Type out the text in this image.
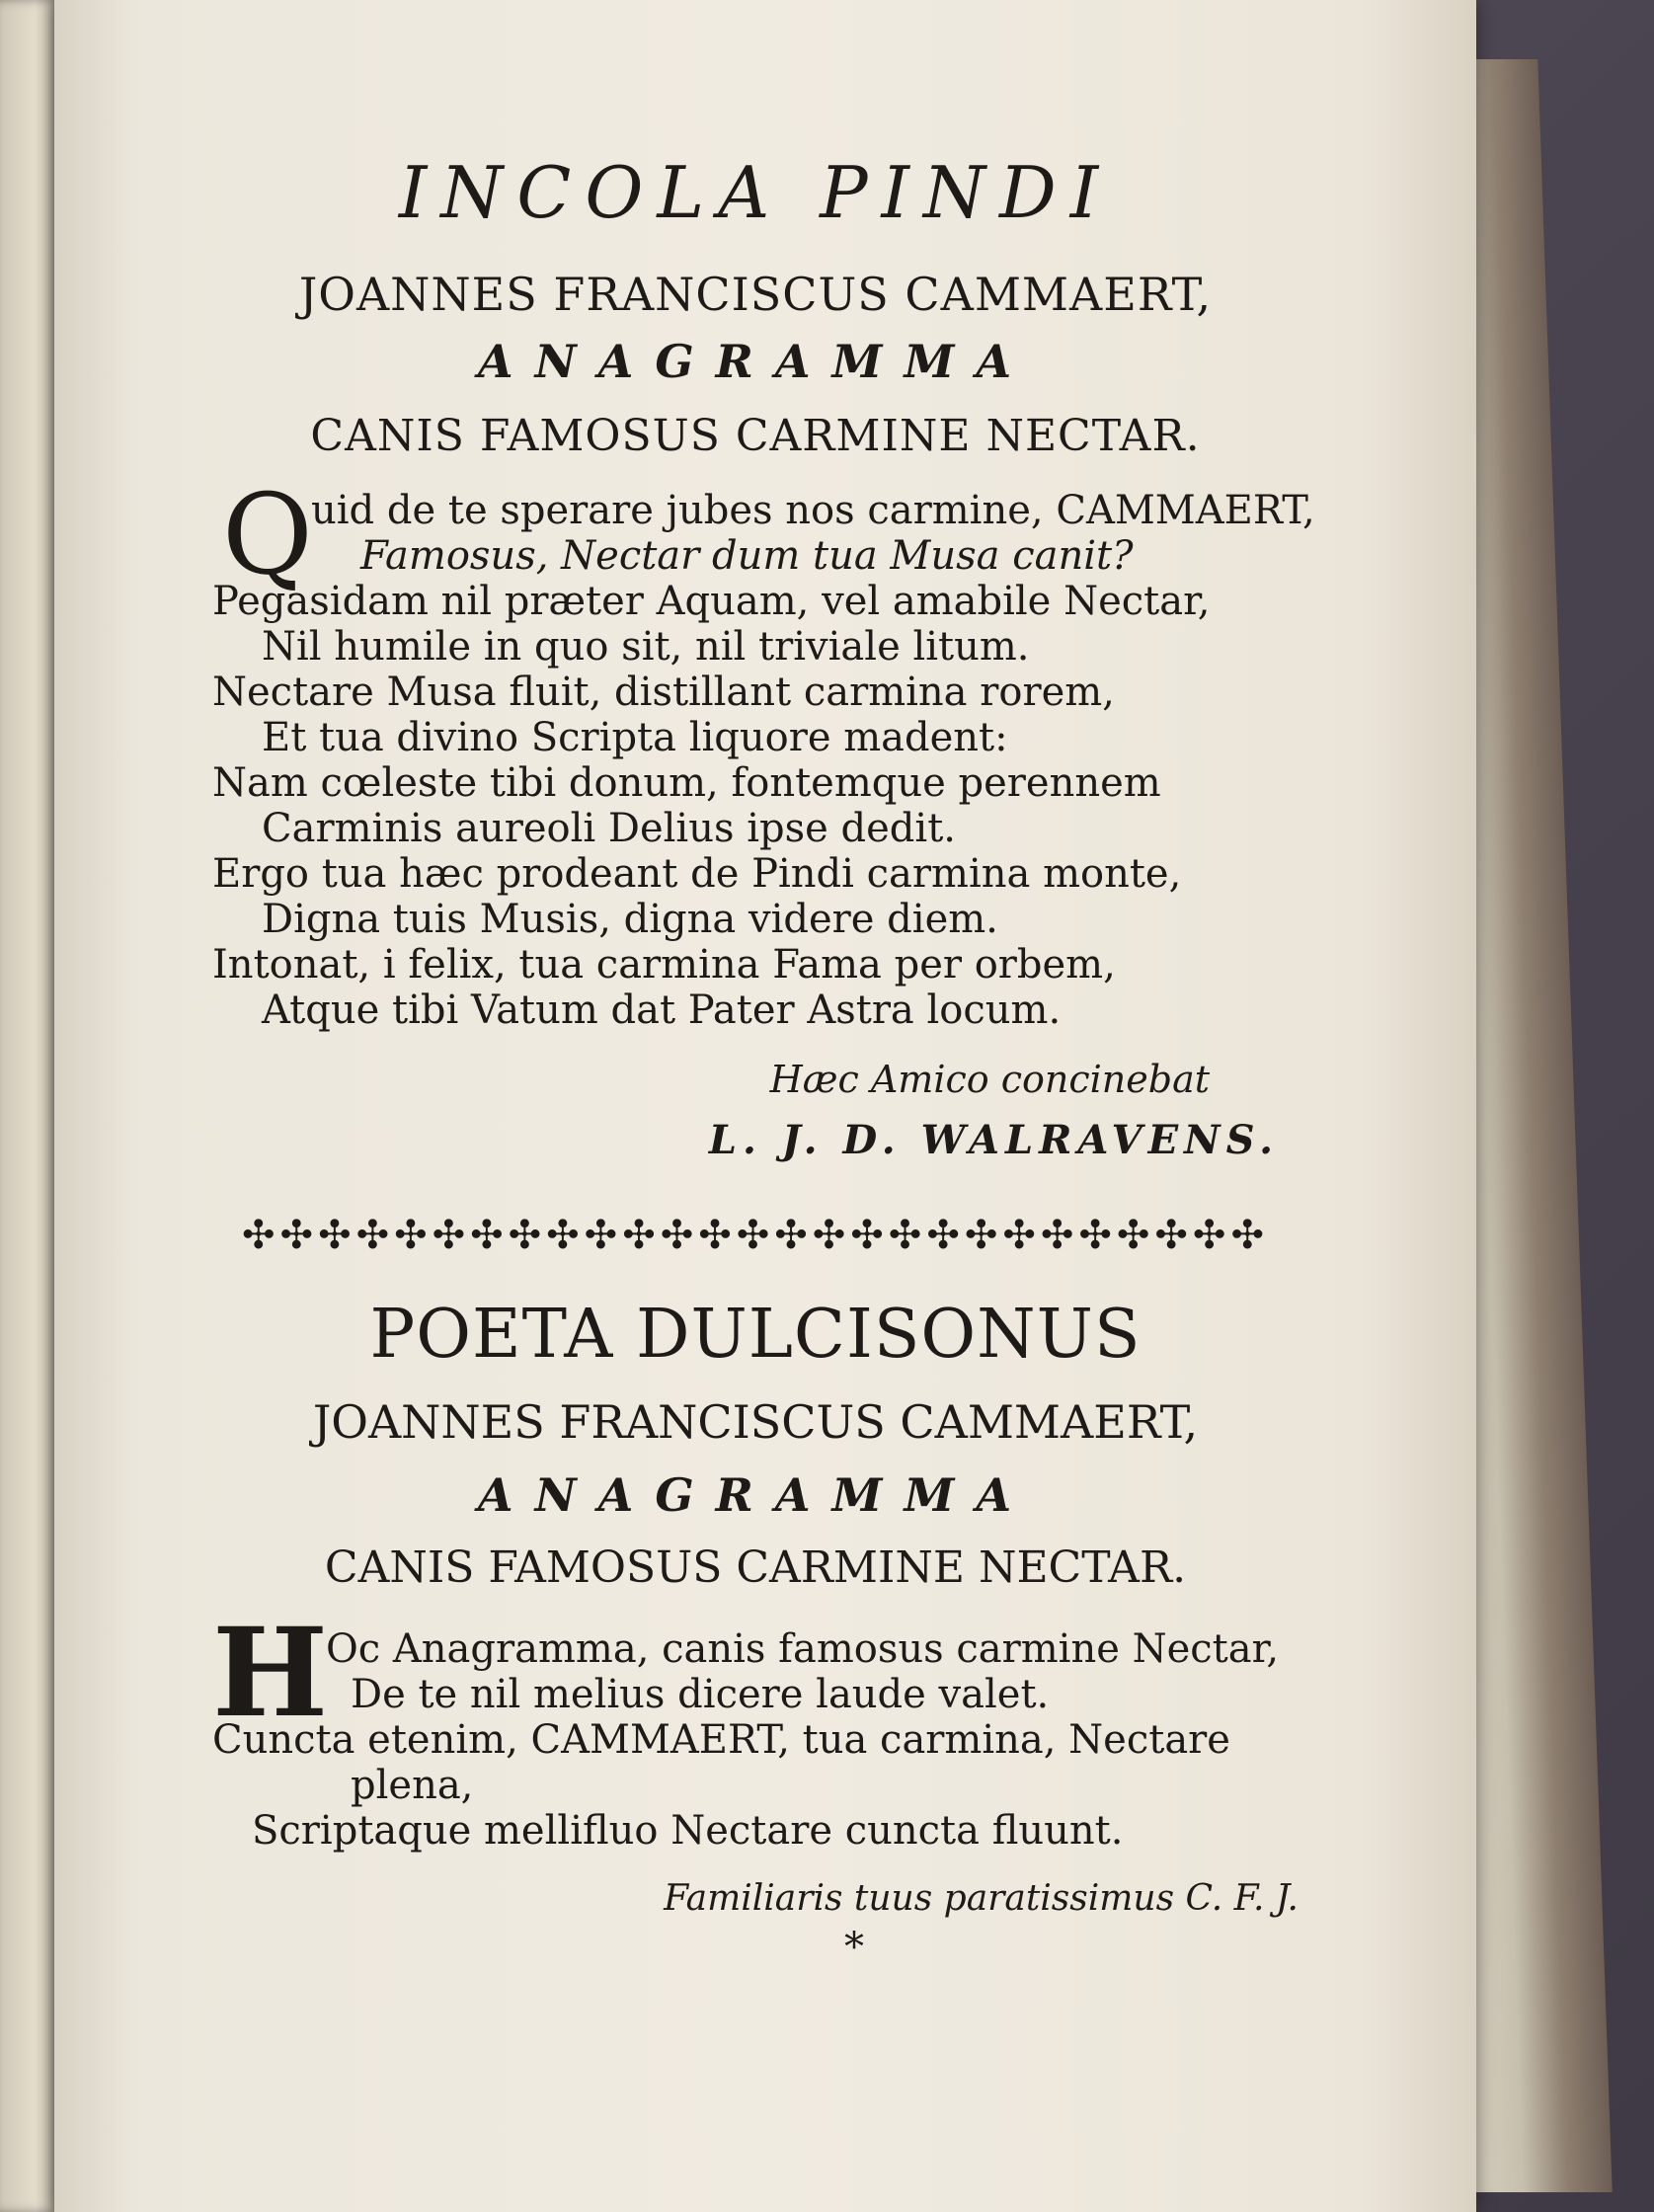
INCOLA PINDI
JOANNES FRANCISCUS CAMMAERT,
ANAGRAMMA
CANIS FAMOSUS CARMINE NECTAR.
Q
uid de te sperare jubes nos carmine, CAMMAERT,
Famosus, Nectar dum tua Musa canit?
Pegasidam nil præter Aquam, vel amabile Nectar,
Nil humile in quo sit, nil triviale litum.
Nectare Musa fluit, distillant carmina rorem,
Et tua divino Scripta liquore madent:
Nam cœleste tibi donum, fontemque perennem
Carminis aureoli Delius ipse dedit.
Ergo tua hæc prodeant de Pindi carmina monte,
Digna tuis Musis, digna videre diem.
Intonat, i felix, tua carmina Fama per orbem,
Atque tibi Vatum dat Pater Astra locum.
Hæc Amico concinebat
L. J. D. WALRAVENS.
✣✣✣✣✣✣✣✣✣✣✣✣✣✣✣✣✣✣✣✣✣✣✣✣✣✣✣
POETA DULCISONUS
JOANNES FRANCISCUS CAMMAERT,
ANAGRAMMA
CANIS FAMOSUS CARMINE NECTAR.
H
Oc Anagramma, canis famosus carmine Nectar,
De te nil melius dicere laude valet.
Cuncta etenim, CAMMAERT, tua carmina, Nectare
plena,
Scriptaque mellifluo Nectare cuncta fluunt.
Familiaris tuus paratissimus C. F. J.
*
